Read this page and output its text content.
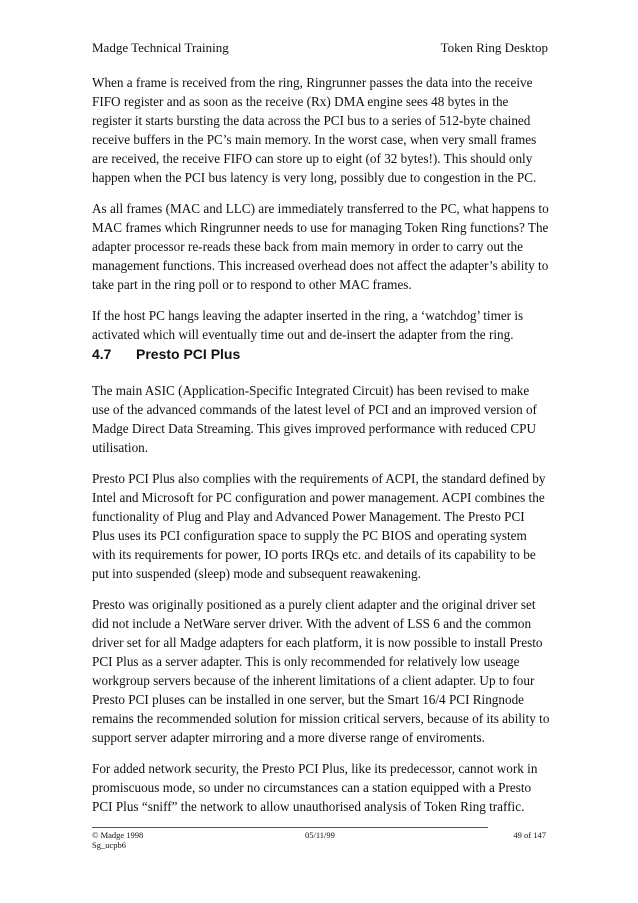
Madge Technical Training	Token Ring Desktop

When a frame is received from the ring, Ringrunner passes the data into the receive FIFO register and as soon as the receive (Rx) DMA engine sees 48 bytes in the register it starts bursting the data across the PCI bus to a series of 512-byte chained receive buffers in the PC’s main memory. In the worst case, when very small frames are received, the receive FIFO can store up to eight (of 32 bytes!). This should only happen when the PCI bus latency is very long, possibly due to congestion in the PC.

As all frames (MAC and LLC) are immediately transferred to the PC, what happens to MAC frames which Ringrunner needs to use for managing Token Ring functions? The adapter processor re-reads these back from main memory in order to carry out the management functions. This increased overhead does not affect the adapter’s ability to take part in the ring poll or to respond to other MAC frames.

If the host PC hangs leaving the adapter inserted in the ring, a ‘watchdog’ timer is activated which will eventually time out and de-insert the adapter from the ring.

4.7 Presto PCI Plus

The main ASIC (Application-Specific Integrated Circuit) has been revised to make use of the advanced commands of the latest level of PCI and an improved version of Madge Direct Data Streaming. This gives improved performance with reduced CPU utilisation.

Presto PCI Plus also complies with the requirements of ACPI, the standard defined by Intel and Microsoft for PC configuration and power management. ACPI combines the functionality of Plug and Play and Advanced Power Management. The Presto PCI Plus uses its PCI configuration space to supply the PC BIOS and operating system with its requirements for power, IO ports IRQs etc. and details of its capability to be put into suspended (sleep) mode and subsequent reawakening.

Presto was originally positioned as a purely client adapter and the original driver set did not include a NetWare server driver. With the advent of LSS 6 and the common driver set for all Madge adapters for each platform, it is now possible to install Presto PCI Plus as a server adapter. This is only recommended for relatively low useage workgroup servers because of the inherent limitations of a client adapter. Up to four Presto PCI pluses can be installed in one server, but the Smart 16/4 PCI Ringnode remains the recommended solution for mission critical servers, because of its ability to support server adapter mirroring and a more diverse range of enviroments.

For added network security, the Presto PCI Plus, like its predecessor, cannot work in promiscuous mode, so under no circumstances can a station equipped with a Presto PCI Plus “sniff” the network to allow unauthorised analysis of Token Ring traffic.

© Madge 1998	05/11/99	49 of 147
Sg_ucpb6
